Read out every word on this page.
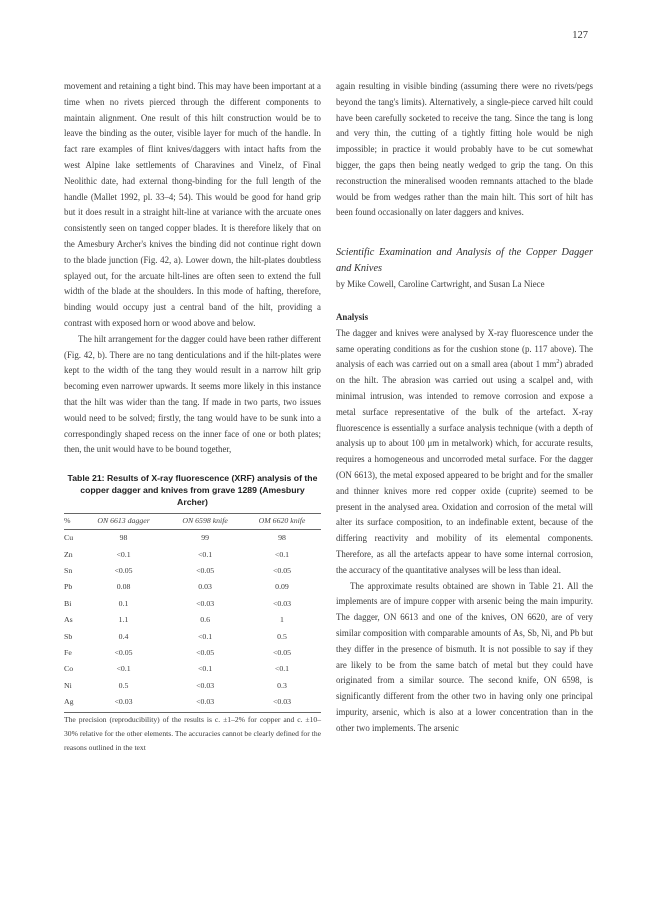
127

movement and retaining a tight bind. This may have been important at a time when no rivets pierced through the different components to maintain alignment. One result of this hilt construction would be to leave the binding as the outer, visible layer for much of the handle. In fact rare examples of flint knives/daggers with intact hafts from the west Alpine lake settlements of Charavines and Vinelz, of Final Neolithic date, had external thong-binding for the full length of the handle (Mallet 1992, pl. 33–4; 54). This would be good for hand grip but it does result in a straight hilt-line at variance with the arcuate ones consistently seen on tanged copper blades. It is therefore likely that on the Amesbury Archer's knives the binding did not continue right down to the blade junction (Fig. 42, a). Lower down, the hilt-plates doubtless splayed out, for the arcuate hilt-lines are often seen to extend the full width of the blade at the shoulders. In this mode of hafting, therefore, binding would occupy just a central band of the hilt, providing a contrast with exposed horn or wood above and below.

The hilt arrangement for the dagger could have been rather different (Fig. 42, b). There are no tang denticulations and if the hilt-plates were kept to the width of the tang they would result in a narrow hilt grip becoming even narrower upwards. It seems more likely in this instance that the hilt was wider than the tang. If made in two parts, two issues would need to be solved; firstly, the tang would have to be sunk into a correspondingly shaped recess on the inner face of one or both plates; then, the unit would have to be bound together,

Table 21: Results of X-ray fluorescence (XRF) analysis of the copper dagger and knives from grave 1289 (Amesbury Archer)
%	ON 6613 dagger	ON 6598 knife	OM 6620 knife
Cu	98	99	98
Zn	<0.1	<0.1	<0.1
Sn	<0.05	<0.05	<0.05
Pb	0.08	0.03	0.09
Bi	0.1	<0.03	<0.03
As	1.1	0.6	1
Sb	0.4	<0.1	0.5
Fe	<0.05	<0.05	<0.05
Co	<0.1	<0.1	<0.1
Ni	0.5	<0.03	0.3
Ag	<0.03	<0.03	<0.03

The precision (reproducibility) of the results is c. ±1–2% for copper and c. ±10–30% relative for the other elements. The accuracies cannot be clearly defined for the reasons outlined in the text

again resulting in visible binding (assuming there were no rivets/pegs beyond the tang's limits). Alternatively, a single-piece carved hilt could have been carefully socketed to receive the tang. Since the tang is long and very thin, the cutting of a tightly fitting hole would be nigh impossible; in practice it would probably have to be cut somewhat bigger, the gaps then being neatly wedged to grip the tang. On this reconstruction the mineralised wooden remnants attached to the blade would be from wedges rather than the main hilt. This sort of hilt has been found occasionally on later daggers and knives.

Scientific Examination and Analysis of the Copper Dagger and Knives

by Mike Cowell, Caroline Cartwright, and Susan La Niece

Analysis

The dagger and knives were analysed by X-ray fluorescence under the same operating conditions as for the cushion stone (p. 117 above). The analysis of each was carried out on a small area (about 1 $mm^2$) abraded on the hilt. The abrasion was carried out using a scalpel and, with minimal intrusion, was intended to remove corrosion and expose a metal surface representative of the bulk of the artefact. X-ray fluorescence is essentially a surface analysis technique (with a depth of analysis up to about 100 μm in metalwork) which, for accurate results, requires a homogeneous and uncorroded metal surface. For the dagger (ON 6613), the metal exposed appeared to be bright and for the smaller and thinner knives more red copper oxide (cuprite) seemed to be present in the analysed area. Oxidation and corrosion of the metal will alter its surface composition, to an indefinable extent, because of the differing reactivity and mobility of its elemental components. Therefore, as all the artefacts appear to have some internal corrosion, the accuracy of the quantitative analyses will be less than ideal.

The approximate results obtained are shown in Table 21. All the implements are of impure copper with arsenic being the main impurity. The dagger, ON 6613 and one of the knives, ON 6620, are of very similar composition with comparable amounts of As, Sb, Ni, and Pb but they differ in the presence of bismuth. It is not possible to say if they are likely to be from the same batch of metal but they could have originated from a similar source. The second knife, ON 6598, is significantly different from the other two in having only one principal impurity, arsenic, which is also at a lower concentration than in the other two implements. The arsenic
